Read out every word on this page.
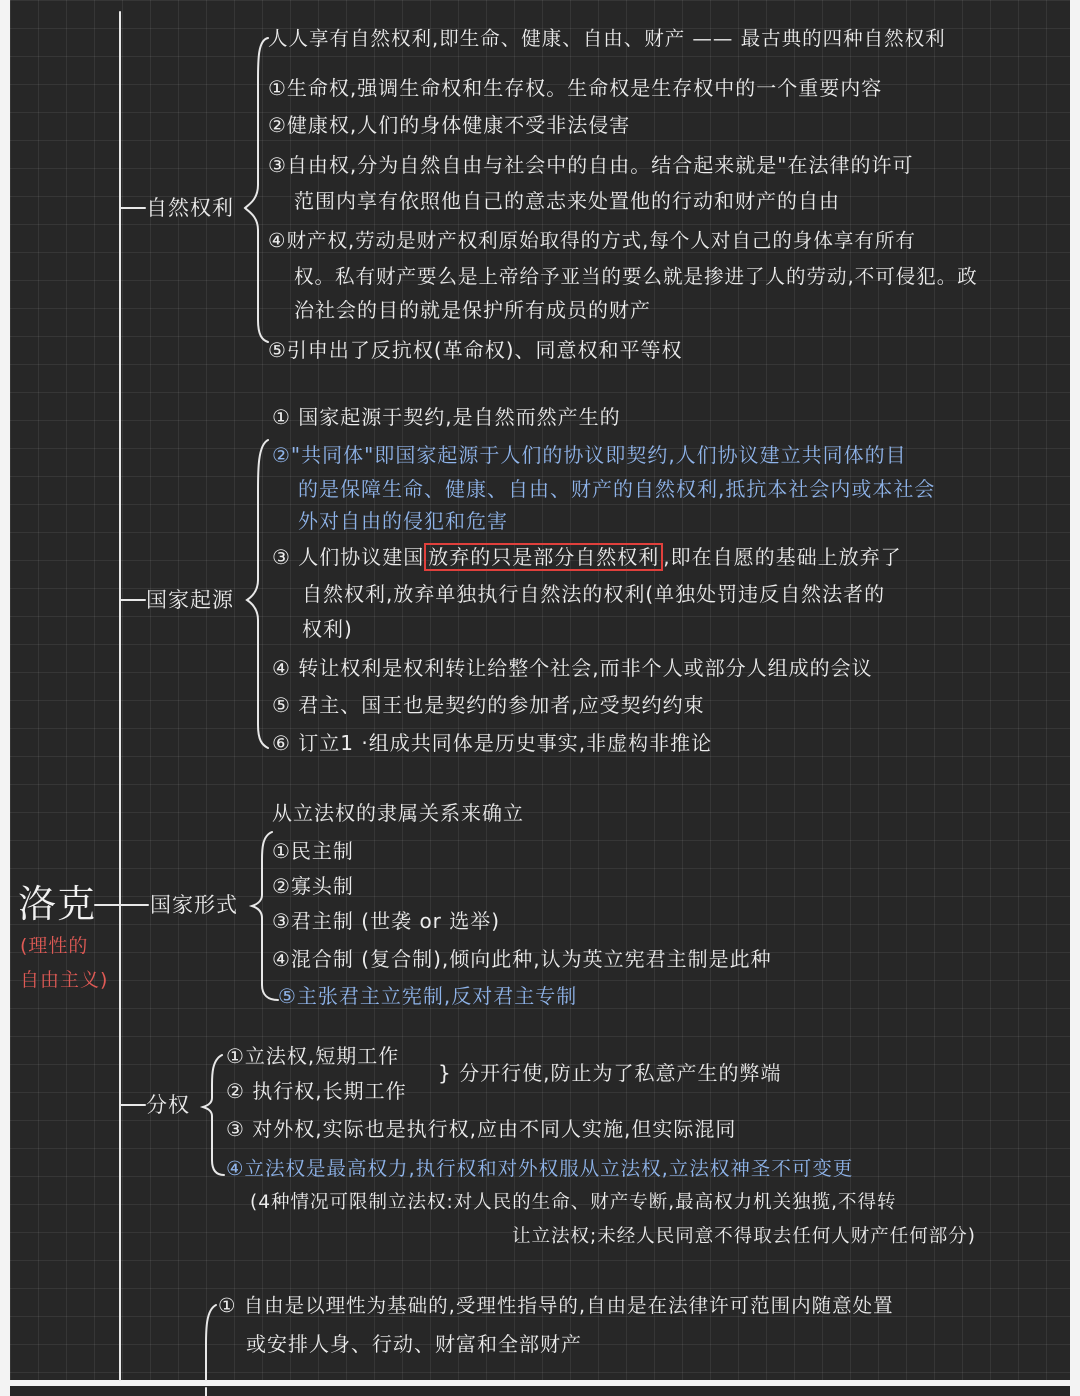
洛克
(理性的
自由主义)
自然权利
国家起源
国家形式
分权
人人享有自然权利,即生命、健康、自由、财产 —— 最古典的四种自然权利
①生命权,强调生命权和生存权。生命权是生存权中的一个重要内容
②健康权,人们的身体健康不受非法侵害
③自由权,分为自然自由与社会中的自由。结合起来就是"在法律的许可
范围内享有依照他自己的意志来处置他的行动和财产的自由
④财产权,劳动是财产权利原始取得的方式,每个人对自己的身体享有所有
权。私有财产要么是上帝给予亚当的要么就是掺进了人的劳动,不可侵犯。政
治社会的目的就是保护所有成员的财产
⑤引申出了反抗权(革命权)、同意权和平等权
① 国家起源于契约,是自然而然产生的
②"共同体"即国家起源于人们的协议即契约,人们协议建立共同体的目
的是保障生命、健康、自由、财产的自然权利,抵抗本社会内或本社会
外对自由的侵犯和危害
③ 人们协议建国 放弃的只是部分自然权利 ,即在自愿的基础上放弃了
自然权利,放弃单独执行自然法的权利(单独处罚违反自然法者的
权利)
④ 转让权利是权利转让给整个社会,而非个人或部分人组成的会议
⑤ 君主、国王也是契约的参加者,应受契约约束
⑥ 订立1 ·组成共同体是历史事实,非虚构非推论
从立法权的隶属关系来确立
①民主制
②寡头制
③君主制 (世袭 or 选举)
④混合制 (复合制),倾向此种,认为英立宪君主制是此种
⑤主张君主立宪制,反对君主专制
①立法权,短期工作
② 执行权,长期工作
} 分开行使,防止为了私意产生的弊端
③ 对外权,实际也是执行权,应由不同人实施,但实际混同
④立法权是最高权力,执行权和对外权服从立法权,立法权神圣不可变更
(4种情况可限制立法权:对人民的生命、财产专断,最高权力机关独揽,不得转
让立法权;未经人民同意不得取去任何人财产任何部分)
① 自由是以理性为基础的,受理性指导的,自由是在法律许可范围内随意处置
或安排人身、行动、财富和全部财产
